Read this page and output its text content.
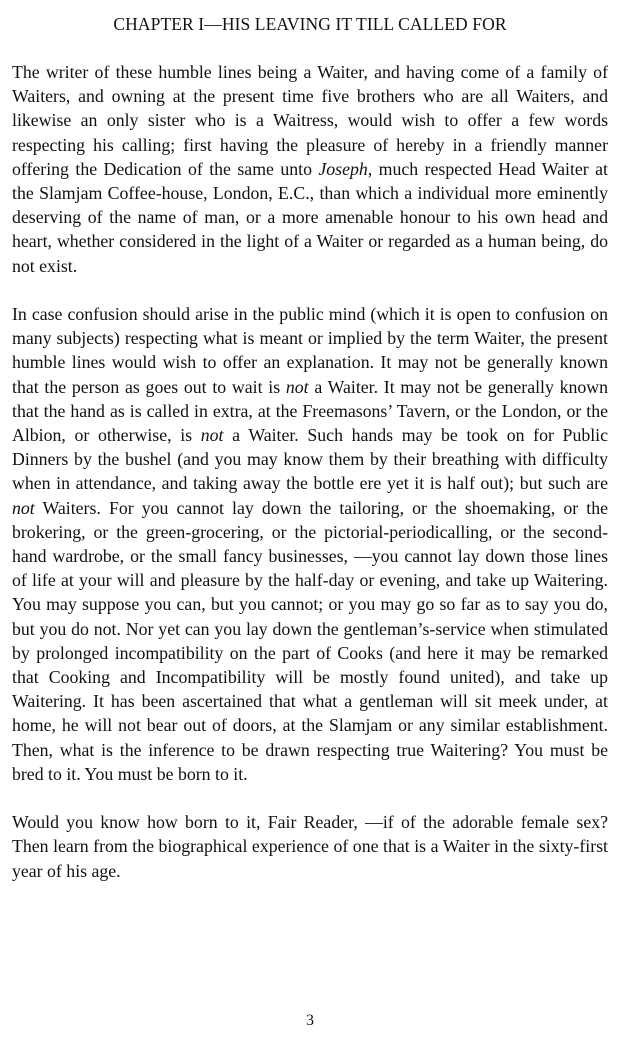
CHAPTER I—HIS LEAVING IT TILL CALLED FOR

The writer of these humble lines being a Waiter, and having come of a family of Waiters, and owning at the present time five brothers who are all Waiters, and likewise an only sister who is a Waitress, would wish to offer a few words respecting his calling; first having the pleasure of hereby in a friendly manner offering the Dedication of the same unto Joseph, much respected Head Waiter at the Slamjam Coffee-house, London, E.C., than which a individual more eminently deserving of the name of man, or a more amenable honour to his own head and heart, whether considered in the light of a Waiter or regarded as a human being, do not exist.

In case confusion should arise in the public mind (which it is open to confusion on many subjects) respecting what is meant or implied by the term Waiter, the present humble lines would wish to offer an explanation. It may not be generally known that the person as goes out to wait is not a Waiter. It may not be generally known that the hand as is called in extra, at the Freemasons’ Tavern, or the London, or the Albion, or otherwise, is not a Waiter. Such hands may be took on for Public Dinners by the bushel (and you may know them by their breathing with difficulty when in attendance, and taking away the bottle ere yet it is half out); but such are not Waiters. For you cannot lay down the tailoring, or the shoemaking, or the brokering, or the green-grocering, or the pictorial-periodicalling, or the second-hand wardrobe, or the small fancy businesses, —you cannot lay down those lines of life at your will and pleasure by the half-day or evening, and take up Waitering. You may suppose you can, but you cannot; or you may go so far as to say you do, but you do not. Nor yet can you lay down the gentleman’s-service when stimulated by prolonged incompatibility on the part of Cooks (and here it may be remarked that Cooking and Incompatibility will be mostly found united), and take up Waitering. It has been ascertained that what a gentleman will sit meek under, at home, he will not bear out of doors, at the Slamjam or any similar establishment. Then, what is the inference to be drawn respecting true Waitering? You must be bred to it. You must be born to it.

Would you know how born to it, Fair Reader, —if of the adorable female sex? Then learn from the biographical experience of one that is a Waiter in the sixty-first year of his age.

3
